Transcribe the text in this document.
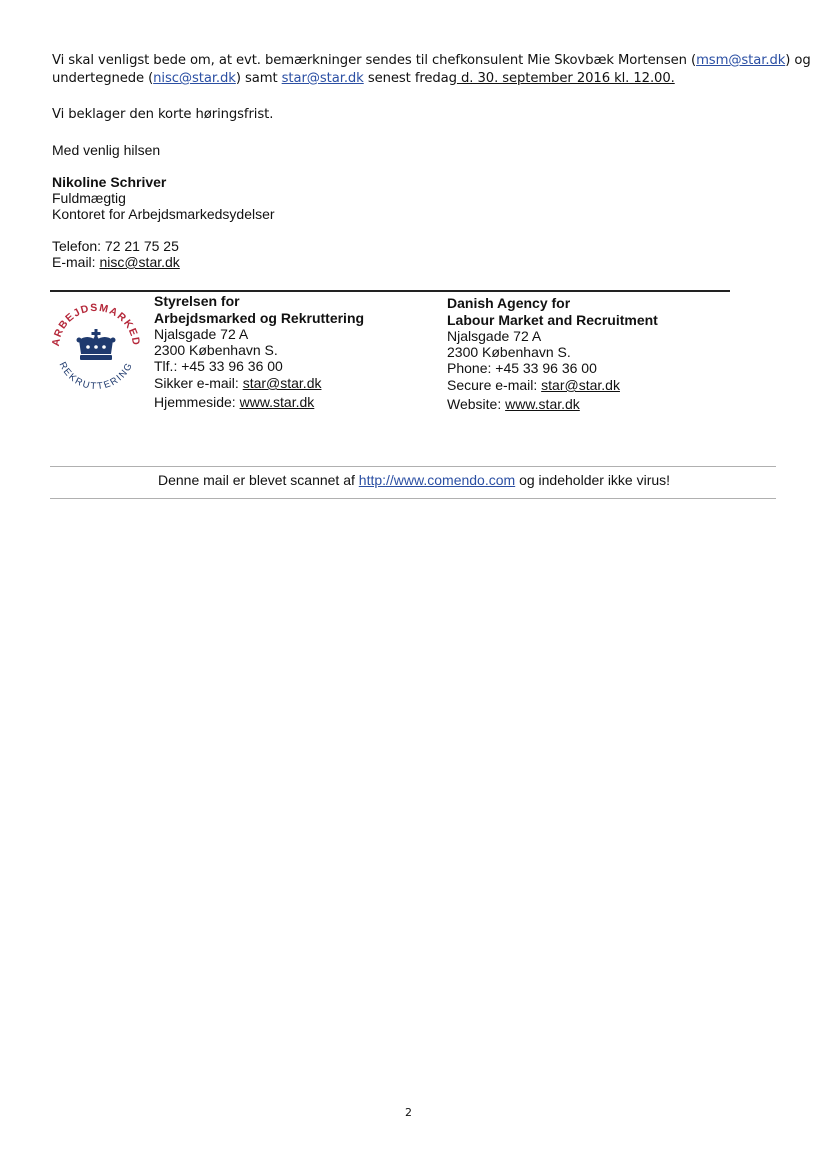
Vi skal venligst bede om, at evt. bemærkninger sendes til chefkonsulent Mie Skovbæk Mortensen (msm@star.dk) og
undertegnede (nisc@star.dk) samt star@star.dk senest fredag d. 30. september 2016 kl. 12.00.
Vi beklager den korte høringsfrist.
Med venlig hilsen
Nikoline Schriver
Fuldmægtig
Kontoret for Arbejdsmarkedsydelser
Telefon: 72 21 75 25
E-mail: nisc@star.dk
ARBEJDSMARKED
REKRUTTERING
Styrelsen for
Arbejdsmarked og Rekruttering
Njalsgade 72 A
2300 København S.
Tlf.: +45 33 96 36 00
Sikker e-mail: star@star.dk
Hjemmeside: www.star.dk
Danish Agency for
Labour Market and Recruitment
Njalsgade 72 A
2300 København S.
Phone: +45 33 96 36 00
Secure e-mail: star@star.dk
Website: www.star.dk
Denne mail er blevet scannet af http://www.comendo.com og indeholder ikke virus!
2
